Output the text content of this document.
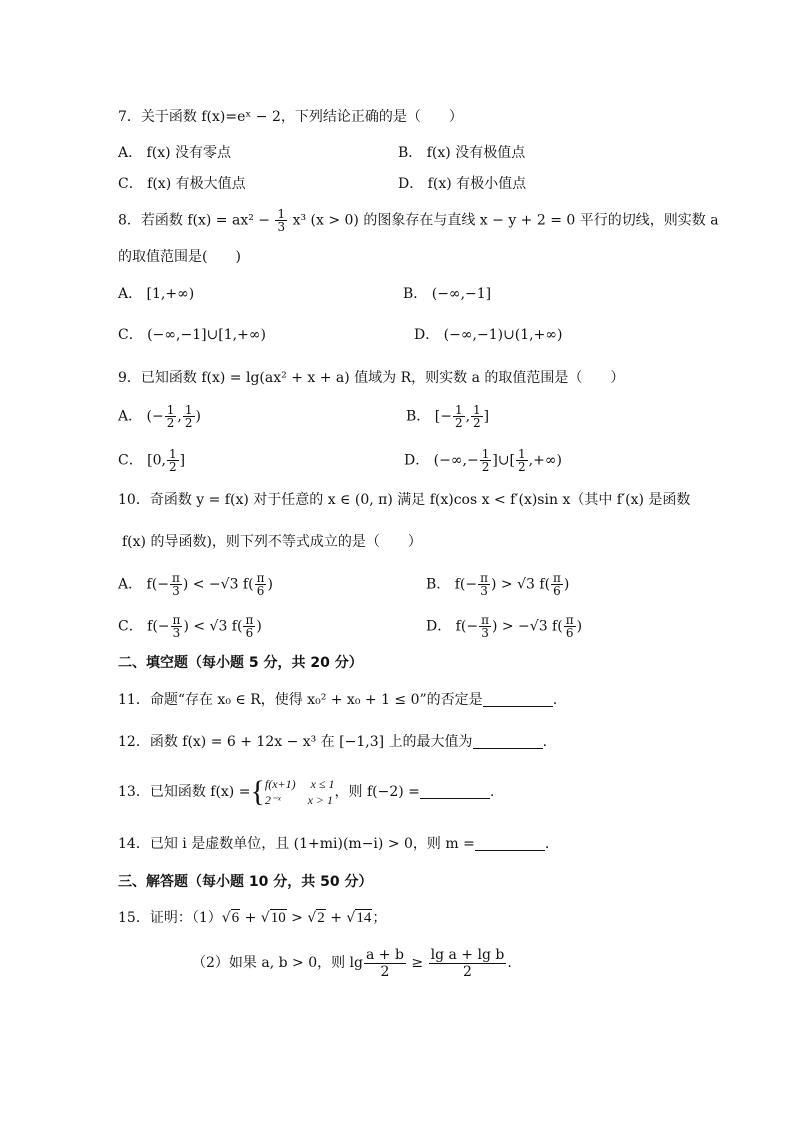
7．关于函数 f(x)=eˣ − 2，下列结论正确的是（　　）
A． f(x) 没有零点	B． f(x) 没有极值点
C． f(x) 有极大值点	D． f(x) 有极小值点
8．若函数 $f(x) = ax^2 - \frac{1}{3} x^3$ (x > 0) 的图象存在与直线 x − y + 2 = 0 平行的切线，则实数 a
的取值范围是(　　)
A． [1,+∞)	B． (−∞,−1]
C． (−∞,−1]∪[1,+∞)	D． (−∞,−1)∪(1,+∞)
9．已知函数 f(x) = lg(ax² + x + a) 值域为 R，则实数 a 的取值范围是（　　）
A． (− $\frac{1}{2}$ , $\frac{1}{2}$ )	B． [− $\frac{1}{2}$ , $\frac{1}{2}$ ]
C． [0, $\frac{1}{2}$ ]	D． (−∞,− $\frac{1}{2}$ ]∪[ $\frac{1}{2}$ ,+∞)
10．奇函数 y = f(x) 对于任意的 x ∈ (0, π) 满足 f(x)cos x < f′(x)sin x（其中 f′(x) 是函数
f(x) 的导函数)，则下列不等式成立的是（　　）
A． $f(- \frac{\pi}{3}$ ) < −√3 $f( \frac{\pi}{6}$ )	B． $f(- \frac{\pi}{3}$ ) > √3 $f( \frac{\pi}{6}$ )
C． $f(- \frac{\pi}{3}$ ) < √3 $f( \frac{\pi}{6}$ )	D． $f(- \frac{\pi}{3}$ ) > −√3 $f( \frac{\pi}{6}$ )
二、填空题（每小题 5 分，共 20 分）
11．命题“存在 x₀ ∈ R，使得 x₀² + x₀ + 1 ≤ 0”的否定是	.
12．函数 f(x) = 6 + 12x − x³ 在 [−1,3] 上的最大值为	.
13．已知函数 f(x) ={ f(x+1)　 x ≤ 1
2⁻ˣ　　 x > 1 ，则 f(−2) =	.
14．已知 i 是虚数单位，且 (1+mi)(m−i) > 0，则 m =	.
三、解答题（每小题 10 分，共 50 分）
15．证明：（1）√6 + √10 > √2 + √14；
（2）如果 a, b > 0，则 $\lg \frac{a + b}{2} \ge \frac{\text{lg a + lg b}}{2}$ .
